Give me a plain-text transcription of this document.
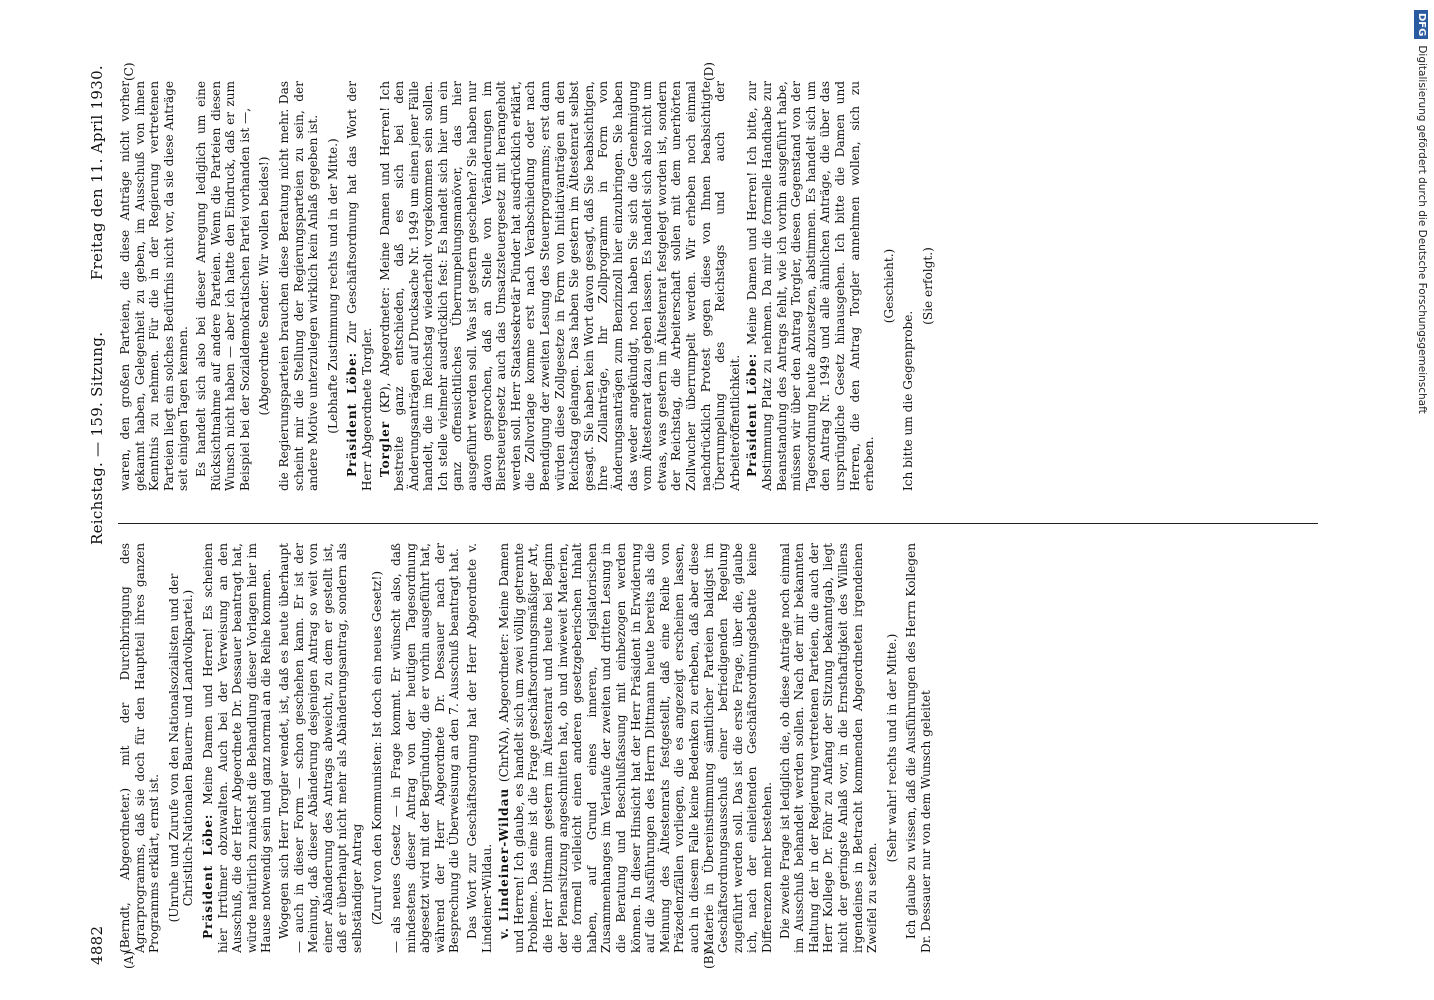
4882
Reichstag. — 159. Sitzung.
Freitag den 11. April 1930.

(Berndt, Abgeordneter.) mit der Durchbringung des Agrarprogramms, daß sie doch für den Hauptteil ihres ganzen Programms erklärt, ernst ist. (Unruhe und Zurufe von den Nationalsozialisten und der Christlich-Nationalen Bauern- und Landvolkpartei.) Präsident Löbe: Meine Damen und Herren! Es scheinen hier Irrtümer obzuwalten. Auch bei der Verweisung an den Ausschuß, die der Herr Abgeordnete Dr. Dessauer beantragt hat, würde natürlich zunächst die Behandlung dieser Vorlagen hier im Hause notwendig sein und ganz normal an die Reihe kommen. Wogegen sich Herr Torgler wendet, ist, daß es heute überhaupt — auch in dieser Form — schon geschehen kann. Er ist der Meinung, daß dieser Abänderung desjenigen Antrag so weit von einer Abänderung des Antrags abweicht, zu dem er gestellt ist, daß er überhaupt nicht mehr als Abänderungsantrag, sondern als selbständiger Antrag (Zuruf von den Kommunisten: Ist doch ein neues Gesetz!) — als neues Gesetz — in Frage kommt. Er wünscht also, daß mindestens dieser Antrag von der heutigen Tagesordnung abgesetzt wird mit der Begründung, die er vorhin ausgeführt hat, während der Herr Abgeordnete Dr. Dessauer nach der Besprechung die Überweisung an den 7. Ausschuß beantragt hat. Das Wort zur Geschäftsordnung hat der Herr Abgeordnete v. Lindeiner-Wildau. v. Lindeiner-Wildau (ChrNA), Abgeordneter: Meine Damen und Herren! Ich glaube, es handelt sich um zwei völlig getrennte Probleme. Das eine ist die Frage geschäftsordnungsmäßiger Art, die Herr Dittmann gestern im Ältestenrat und heute bei Beginn der Plenarsitzung angeschnitten hat, ob und inwieweit Materien, die formell vielleicht einen anderen gesetzgeberischen Inhalt haben, auf Grund eines inneren, legislatorischen Zusammenhanges im Verlaufe der zweiten und dritten Lesung in die Beratung und Beschlußfassung mit einbezogen werden können. In dieser Hinsicht hat der Herr Präsident in Erwiderung auf die Ausführungen des Herrn Dittmann heute bereits als die Meinung des Ältestenrats festgestellt, daß eine Reihe von Präzedenzfällen vorliegen, die es angezeigt erscheinen lassen, auch in diesem Falle keine Bedenken zu erheben, daß aber diese Materie in Übereinstimmung sämtlicher Parteien baldigst im Geschäftsordnungsausschuß einer befriedigenden Regelung zugeführt werden soll. Das ist die erste Frage, über die, glaube ich, nach der einleitenden Geschäftsordnungsdebatte keine Differenzen mehr bestehen. Die zweite Frage ist lediglich die, ob diese Anträge noch einmal im Ausschuß behandelt werden sollen. Nach der mir bekannten Haltung der in der Regierung vertretenen Parteien, die auch der Herr Kollege Dr. Föhr zu Anfang der Sitzung bekanntgab, liegt nicht der geringste Anlaß vor, in die Ernsthaftigkeit des Willens irgendeines in Betracht kommenden Abgeordneten irgendeinen Zweifel zu setzen.

(Sehr wahr! rechts und in der Mitte.) Ich glaube zu wissen, daß die Ausführungen des Herrn Kollegen Dr. Dessauer nur von dem Wunsch geleitet

waren, den großen Parteien, die diese Anträge nicht vorher gekannt haben, Gelegenheit zu geben, im Ausschuß von ihnen Kenntnis zu nehmen. Für die in der Regierung vertretenen Parteien liegt ein solches Bedürfnis nicht vor, da sie diese Anträge seit einigen Tagen kennen. Es handelt sich also bei dieser Anregung lediglich um eine Rücksichtnahme auf andere Parteien. Wenn die Parteien diesen Wunsch nicht haben — aber ich hatte den Eindruck, daß er zum Beispiel bei der Sozialdemokratischen Partei vorhanden ist —, (Abgeordnete Sender: Wir wollen beides!) die Regierungsparteien brauchen diese Beratung nicht mehr. Das scheint mir die Stellung der Regierungsparteien zu sein, der andere Motive unterzulegen wirklich kein Anlaß gegeben ist. (Lebhafte Zustimmung rechts und in der Mitte.) Präsident Löbe: Zur Geschäftsordnung hat das Wort der Herr Abgeordnete Torgler. Torgler (KP), Abgeordneter: Meine Damen und Herren! Ich bestreite ganz entschieden, daß es sich bei den Änderungsanträgen auf Drucksache Nr. 1949 um einen jener Fälle handelt, die im Reichstag wiederholt vorgekommen sein sollen. Ich stelle vielmehr ausdrücklich fest: Es handelt sich hier um ein ganz offensichtliches Überrumpelungsmanöver, das hier ausgeführt werden soll. Was ist gestern geschehen? Sie haben nur davon gesprochen, daß an Stelle von Veränderungen im Biersteuergesetz auch das Umsatzsteuergesetz mit herangeholt werden soll. Herr Staatssekretär Pünder hat ausdrücklich erklärt, die Zollvorlage komme erst nach Verabschiedung oder nach Beendigung der zweiten Lesung des Steuerprogramms; erst dann würden diese Zollgesetze in Form von Initiativanträgen an den Reichstag gelangen. Das haben Sie gestern im Ältestenrat selbst gesagt. Sie haben kein Wort davon gesagt, daß Sie beabsichtigen, Ihre Zollanträge, Ihr Zollprogramm in Form von Änderungsanträgen zum Benzinzoll hier einzubringen. Sie haben das weder angekündigt, noch haben Sie sich die Genehmigung vom Ältestenrat dazu geben lassen. Es handelt sich also nicht um etwas, was gestern im Ältestenrat festgelegt worden ist, sondern der Reichstag, die Arbeiterschaft sollen mit dem unerhörten Zollwucher überrumpelt werden. Wir erheben noch einmal nachdrücklich Protest gegen diese von Ihnen beabsichtigte Überrumpelung des Reichstags und auch der Arbeiteröffentlichkeit. Präsident Löbe: Meine Damen und Herren! Ich bitte, zur Abstimmung Platz zu nehmen. Da mir die formelle Handhabe zur Beanstandung des Antrags fehlt, wie ich vorhin ausgeführt habe, müssen wir über den Antrag Torgler, diesen Gegenstand von der Tagesordnung heute abzusetzen, abstimmen. Es handelt sich um den Antrag Nr. 1949 und alle ähnlichen Anträge, die über das ursprüngliche Gesetz hinausgehen. Ich bitte die Damen und Herren, die den Antrag Torgler annehmen wollen, sich zu erheben.

(Geschieht.)

Ich bitte um die Gegenprobe.

(Sie erfolgt.)

(A)	(B)
(C)	(D)
DFGDigitalisierung gefördert durch die Deutsche Forschungsgemeinschaft
